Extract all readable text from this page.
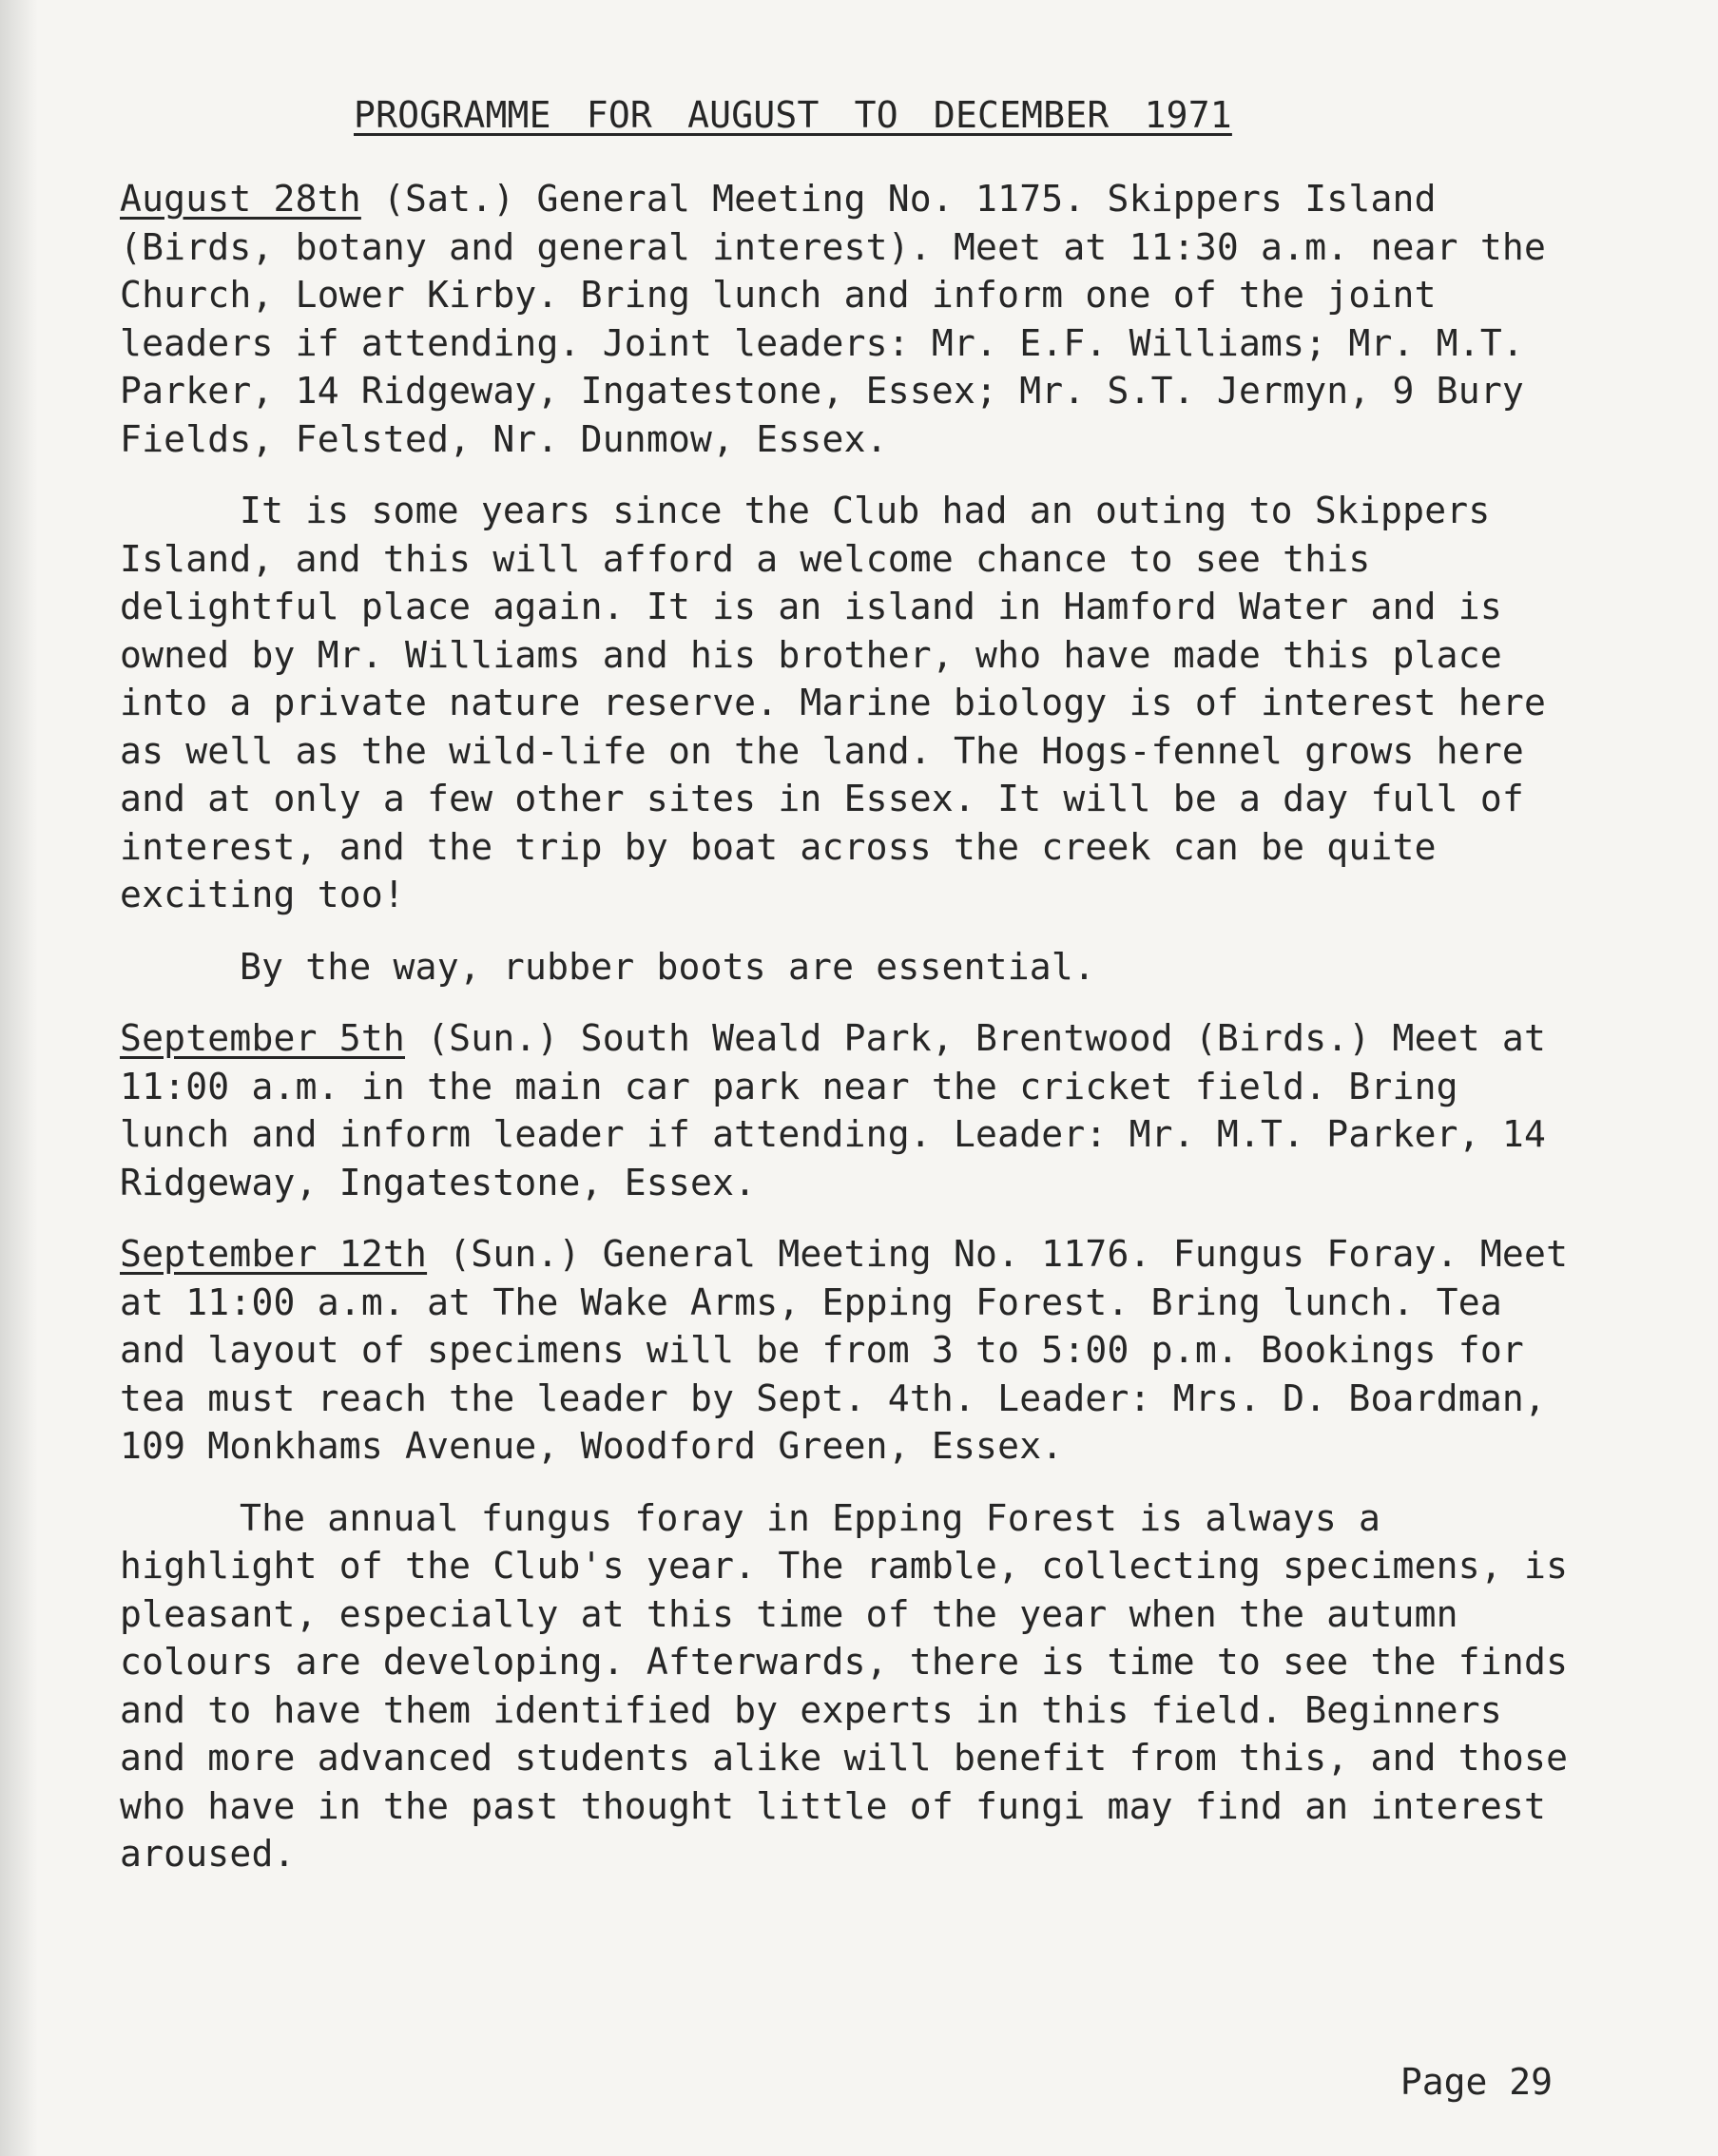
PROGRAMME FOR AUGUST TO DECEMBER 1971

August 28th (Sat.) General Meeting No. 1175. Skippers Island (Birds, botany and general interest). Meet at 11:30 a.m. near the Church, Lower Kirby. Bring lunch and inform one of the joint leaders if attending. Joint leaders: Mr. E.F. Williams; Mr. M.T. Parker, 14 Ridgeway, Ingatestone, Essex; Mr. S.T. Jermyn, 9 Bury Fields, Felsted, Nr. Dunmow, Essex.

It is some years since the Club had an outing to Skippers Island, and this will afford a welcome chance to see this delightful place again. It is an island in Hamford Water and is owned by Mr. Williams and his brother, who have made this place into a private nature reserve. Marine biology is of interest here as well as the wild-life on the land. The Hogs-fennel grows here and at only a few other sites in Essex. It will be a day full of interest, and the trip by boat across the creek can be quite exciting too!

By the way, rubber boots are essential.

September 5th (Sun.) South Weald Park, Brentwood (Birds.) Meet at 11:00 a.m. in the main car park near the cricket field. Bring lunch and inform leader if attending. Leader: Mr. M.T. Parker, 14 Ridgeway, Ingatestone, Essex.

September 12th (Sun.) General Meeting No. 1176. Fungus Foray. Meet at 11:00 a.m. at The Wake Arms, Epping Forest. Bring lunch. Tea and layout of specimens will be from 3 to 5:00 p.m. Bookings for tea must reach the leader by Sept. 4th. Leader: Mrs. D. Boardman, 109 Monkhams Avenue, Woodford Green, Essex.

The annual fungus foray in Epping Forest is always a highlight of the Club's year. The ramble, collecting specimens, is pleasant, especially at this time of the year when the autumn colours are developing. Afterwards, there is time to see the finds and to have them identified by experts in this field. Beginners and more advanced students alike will benefit from this, and those who have in the past thought little of fungi may find an interest aroused.

Page 29
